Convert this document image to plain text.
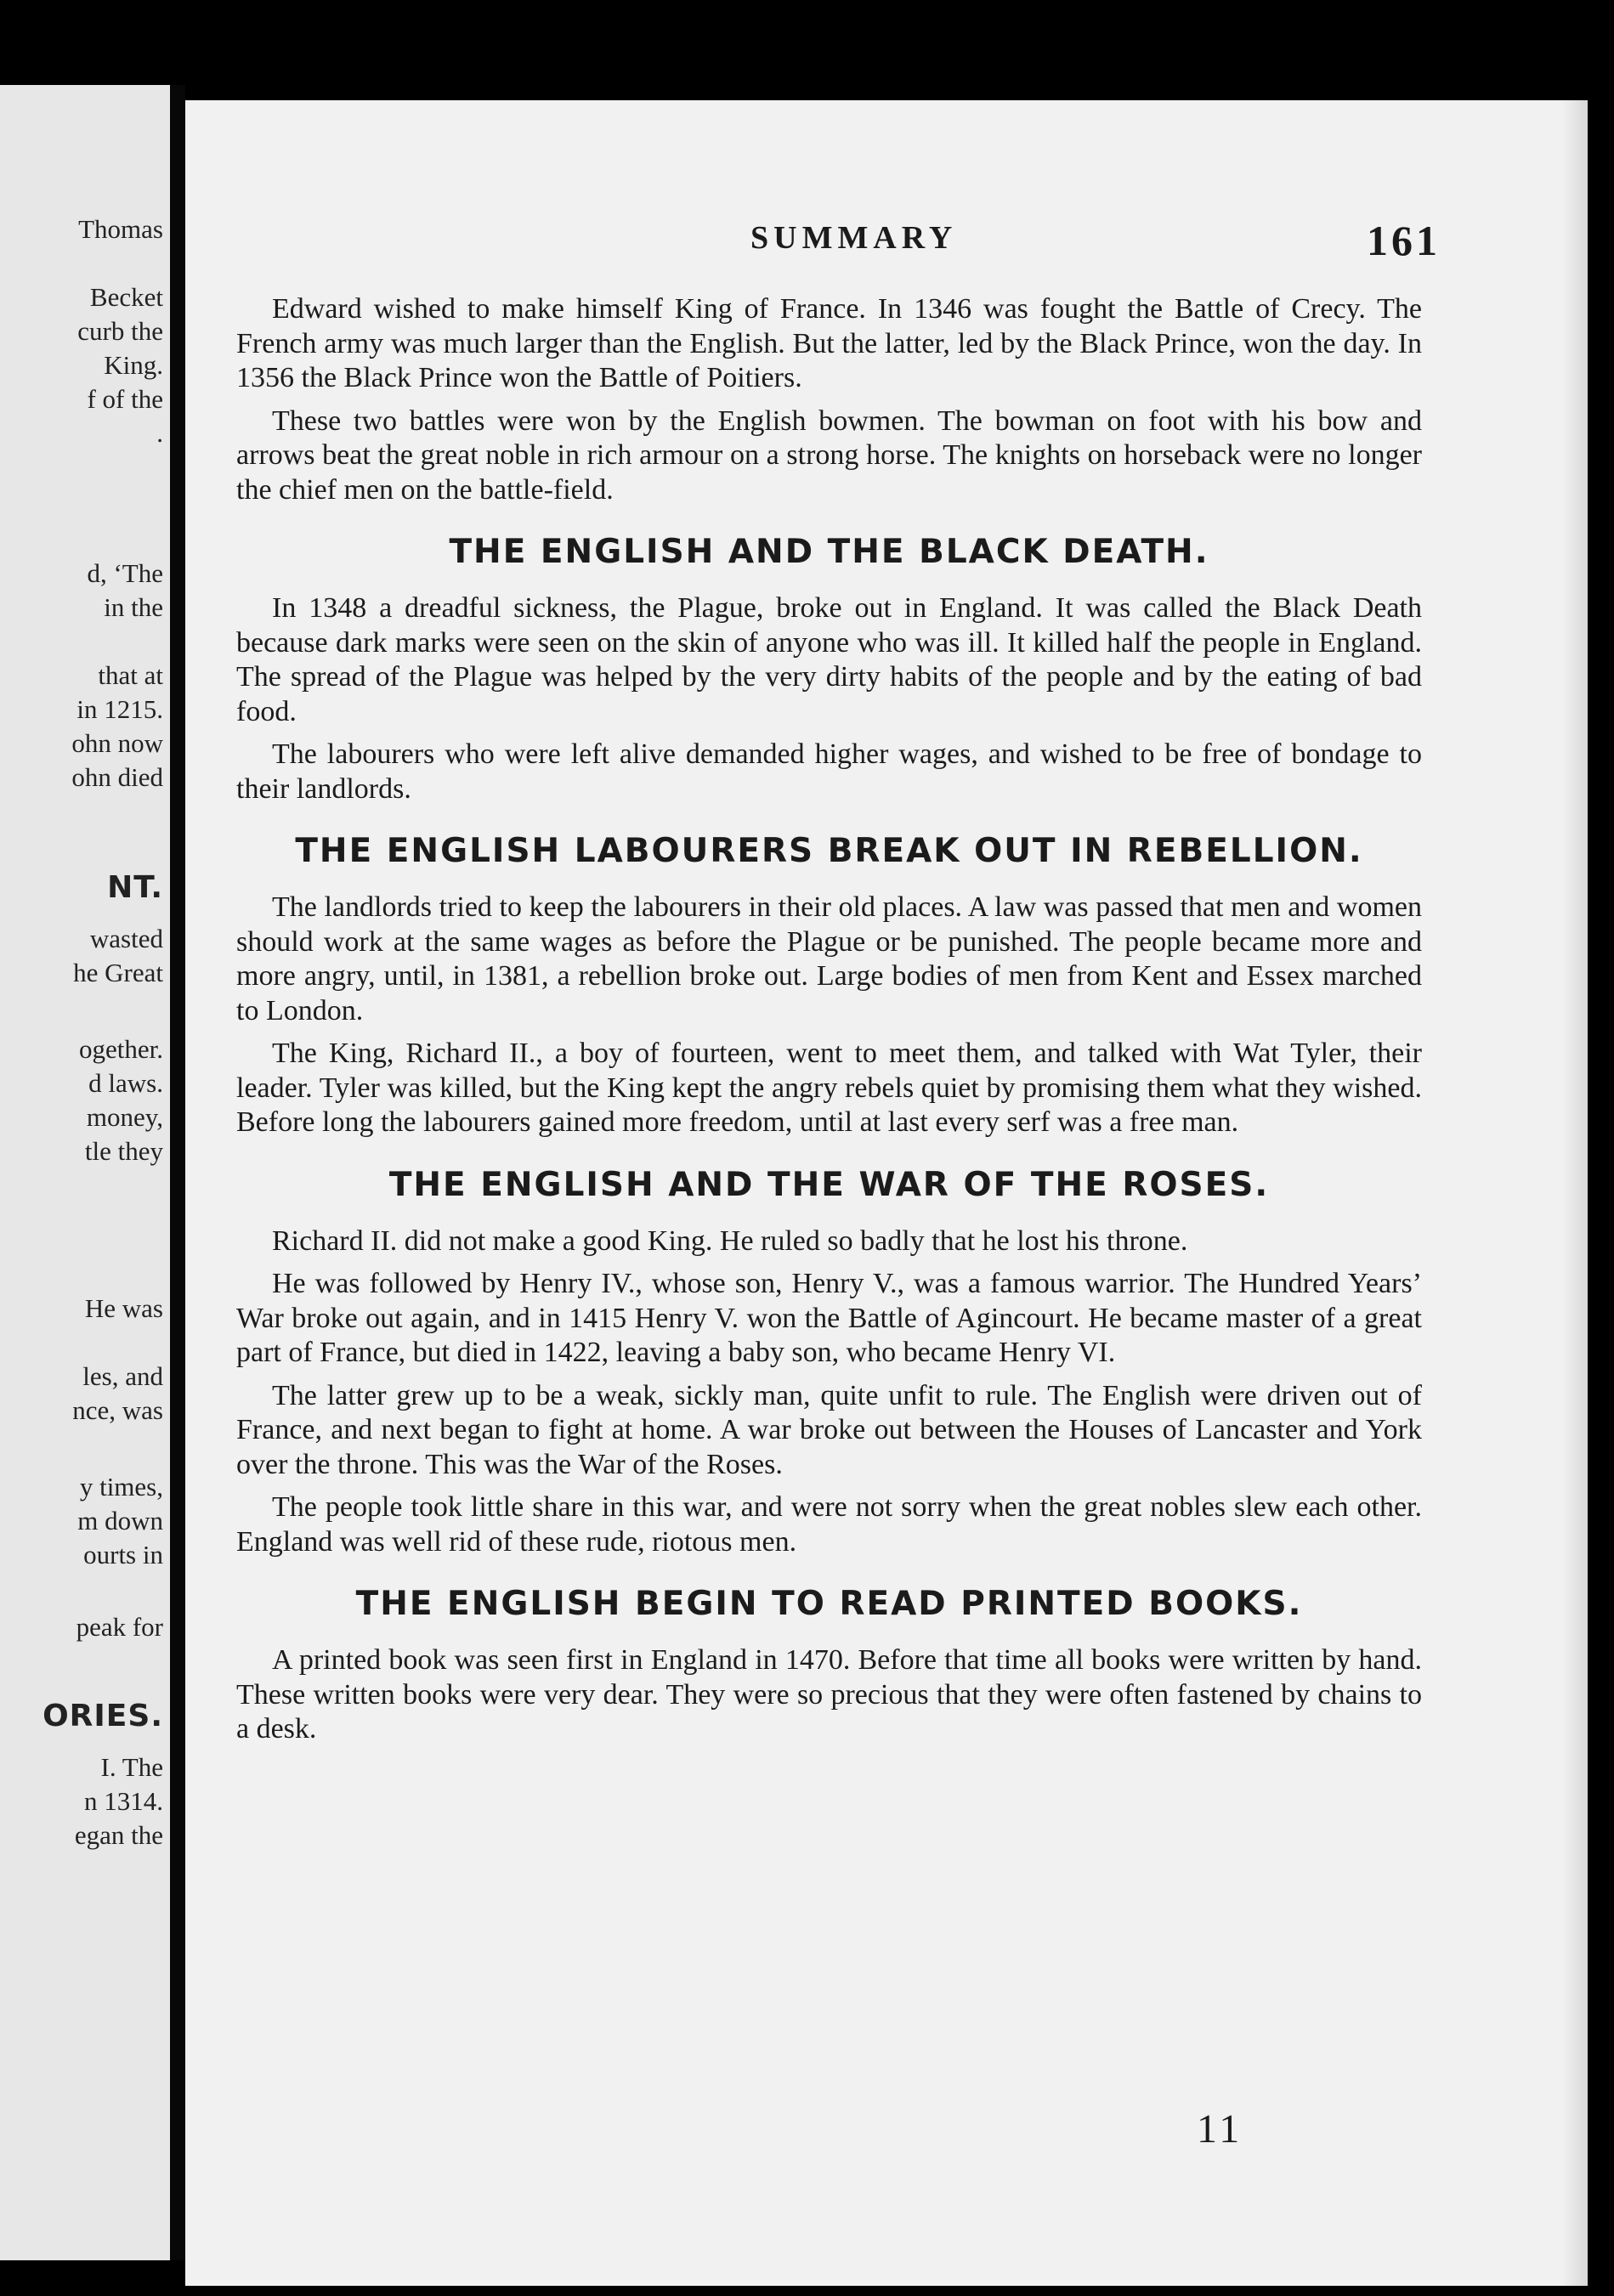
Thomas
Becket
curb the
King.
f of the
.
d, ‘The
in the
that at
in 1215.
ohn now
ohn died
NT.
wasted
he Great
ogether.
d laws.
money,
tle they
He was
les, and
nce, was
y times,
m down
ourts in
peak for
ORIES.
I. The
n 1314.
egan the
SUMMARY	161

Edward wished to make himself King of France. In 1346 was fought the Battle of Crecy. The French army was much larger than the English. But the latter, led by the Black Prince, won the day. In 1356 the Black Prince won the Battle of Poitiers.

These two battles were won by the English bowmen. The bowman on foot with his bow and arrows beat the great noble in rich armour on a strong horse. The knights on horseback were no longer the chief men on the battle-field.

THE ENGLISH AND THE BLACK DEATH.

In 1348 a dreadful sickness, the Plague, broke out in England. It was called the Black Death because dark marks were seen on the skin of anyone who was ill. It killed half the people in England. The spread of the Plague was helped by the very dirty habits of the people and by the eating of bad food.

The labourers who were left alive demanded higher wages, and wished to be free of bondage to their landlords.

THE ENGLISH LABOURERS BREAK OUT IN REBELLION.

The landlords tried to keep the labourers in their old places. A law was passed that men and women should work at the same wages as before the Plague or be punished. The people became more and more angry, until, in 1381, a rebellion broke out. Large bodies of men from Kent and Essex marched to London.

The King, Richard II., a boy of fourteen, went to meet them, and talked with Wat Tyler, their leader. Tyler was killed, but the King kept the angry rebels quiet by promising them what they wished. Before long the labourers gained more freedom, until at last every serf was a free man.

THE ENGLISH AND THE WAR OF THE ROSES.

Richard II. did not make a good King. He ruled so badly that he lost his throne.

He was followed by Henry IV., whose son, Henry V., was a famous warrior. The Hundred Years’ War broke out again, and in 1415 Henry V. won the Battle of Agincourt. He became master of a great part of France, but died in 1422, leaving a baby son, who became Henry VI.

The latter grew up to be a weak, sickly man, quite unfit to rule. The English were driven out of France, and next began to fight at home. A war broke out between the Houses of Lancaster and York over the throne. This was the War of the Roses.

The people took little share in this war, and were not sorry when the great nobles slew each other. England was well rid of these rude, riotous men.

THE ENGLISH BEGIN TO READ PRINTED BOOKS.

A printed book was seen first in England in 1470. Before that time all books were written by hand. These written books were very dear. They were so precious that they were often fastened by chains to a desk.

11
